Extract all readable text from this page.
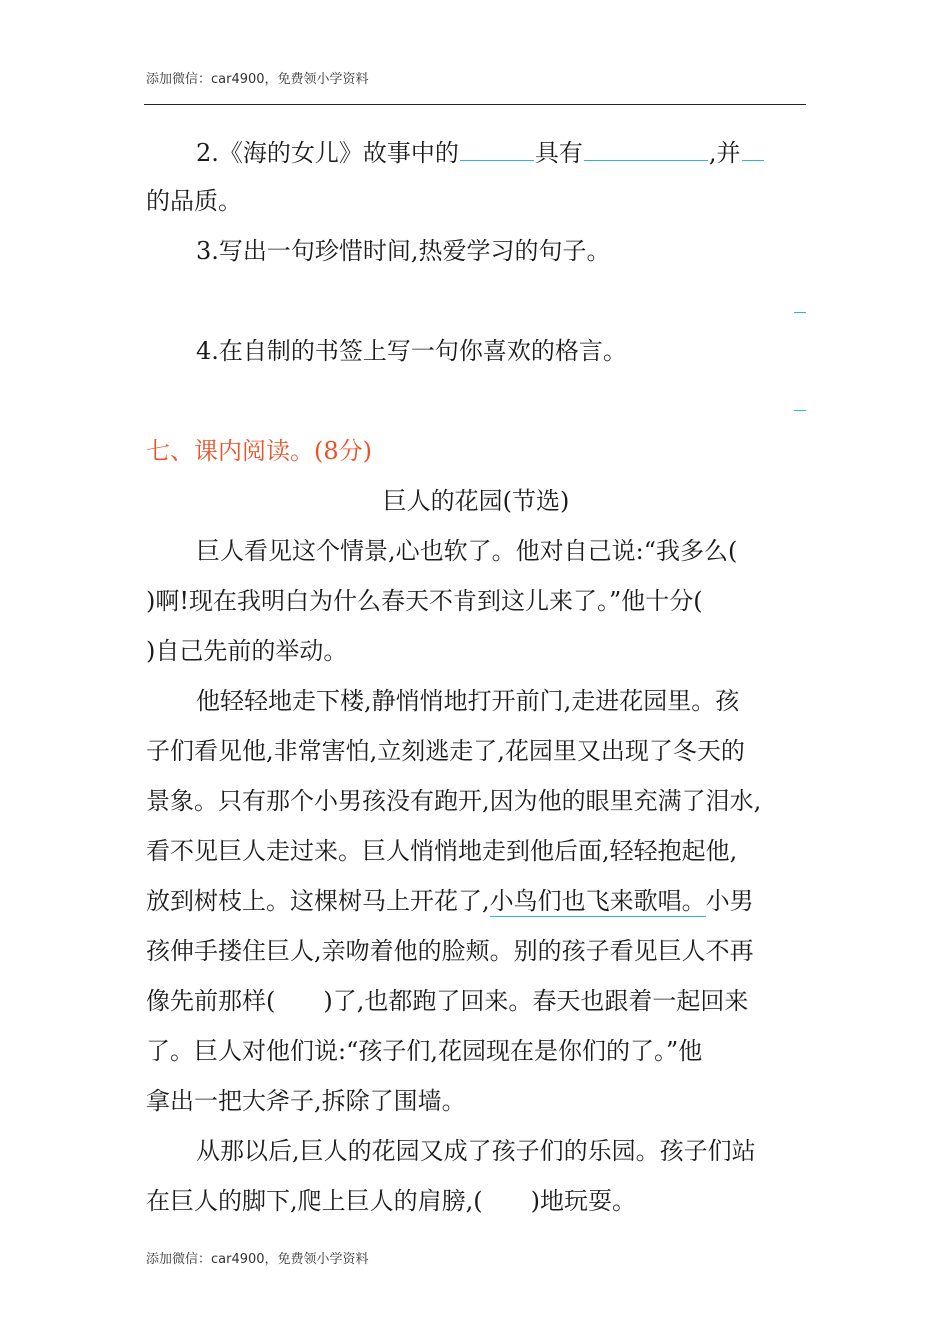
添加微信：car4900，免费领小学资料
2.《海的女儿》故事中的	具有	,并
的品质。
3.写出一句珍惜时间,热爱学习的句子。
4.在自制的书签上写一句你喜欢的格言。
七、课内阅读。(8分)
巨人的花园(节选)
巨人看见这个情景,心也软了。他对自己说:“我多么(
)啊!现在我明白为什么春天不肯到这儿来了。”他十分(
)自己先前的举动。
他轻轻地走下楼,静悄悄地打开前门,走进花园里。孩
子们看见他,非常害怕,立刻逃走了,花园里又出现了冬天的
景象。只有那个小男孩没有跑开,因为他的眼里充满了泪水,
看不见巨人走过来。巨人悄悄地走到他后面,轻轻抱起他,
放到树枝上。这棵树马上开花了,小鸟们也飞来歌唱。小男
孩伸手搂住巨人,亲吻着他的脸颊。别的孩子看见巨人不再
像先前那样( )了,也都跑了回来。春天也跟着一起回来
了。巨人对他们说:“孩子们,花园现在是你们的了。”他
拿出一把大斧子,拆除了围墙。
从那以后,巨人的花园又成了孩子们的乐园。孩子们站
在巨人的脚下,爬上巨人的肩膀,( )地玩耍。
添加微信：car4900，免费领小学资料
